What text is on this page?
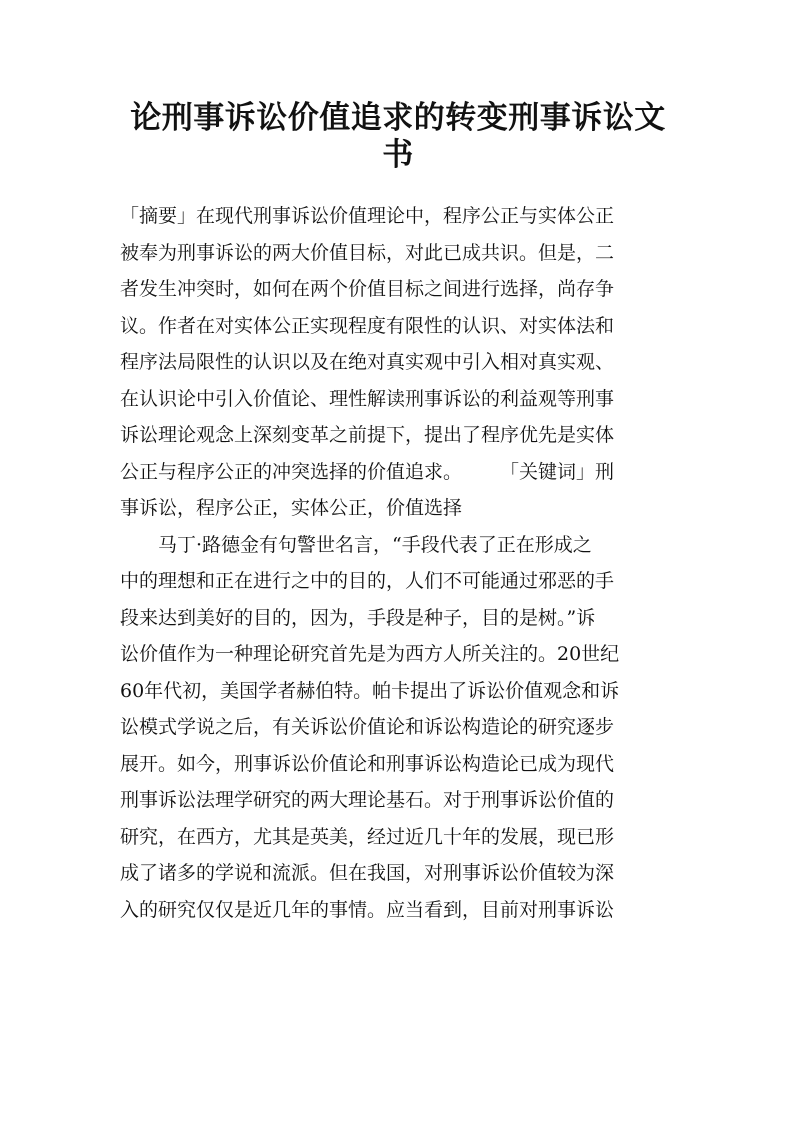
论刑事诉讼价值追求的转变刑事诉讼文
书
「摘要」在现代刑事诉讼价值理论中，程序公正与实体公正
被奉为刑事诉讼的两大价值目标，对此已成共识。但是，二
者发生冲突时，如何在两个价值目标之间进行选择，尚存争
议。作者在对实体公正实现程度有限性的认识、对实体法和
程序法局限性的认识以及在绝对真实观中引入相对真实观、
在认识论中引入价值论、理性解读刑事诉讼的利益观等刑事
诉讼理论观念上深刻变革之前提下，提出了程序优先是实体
公正与程序公正的冲突选择的价值追求。　　　「关键词」刑
事诉讼，程序公正，实体公正，价值选择
　　马丁·路德金有句警世名言，“手段代表了正在形成之
中的理想和正在进行之中的目的，人们不可能通过邪恶的手
段来达到美好的目的，因为，手段是种子，目的是树。”诉
讼价值作为一种理论研究首先是为西方人所关注的。20世纪
60年代初，美国学者赫伯特。帕卡提出了诉讼价值观念和诉
讼模式学说之后，有关诉讼价值论和诉讼构造论的研究逐步
展开。如今，刑事诉讼价值论和刑事诉讼构造论已成为现代
刑事诉讼法理学研究的两大理论基石。对于刑事诉讼价值的
研究，在西方，尤其是英美，经过近几十年的发展，现已形
成了诸多的学说和流派。但在我国，对刑事诉讼价值较为深
入的研究仅仅是近几年的事情。应当看到，目前对刑事诉讼
